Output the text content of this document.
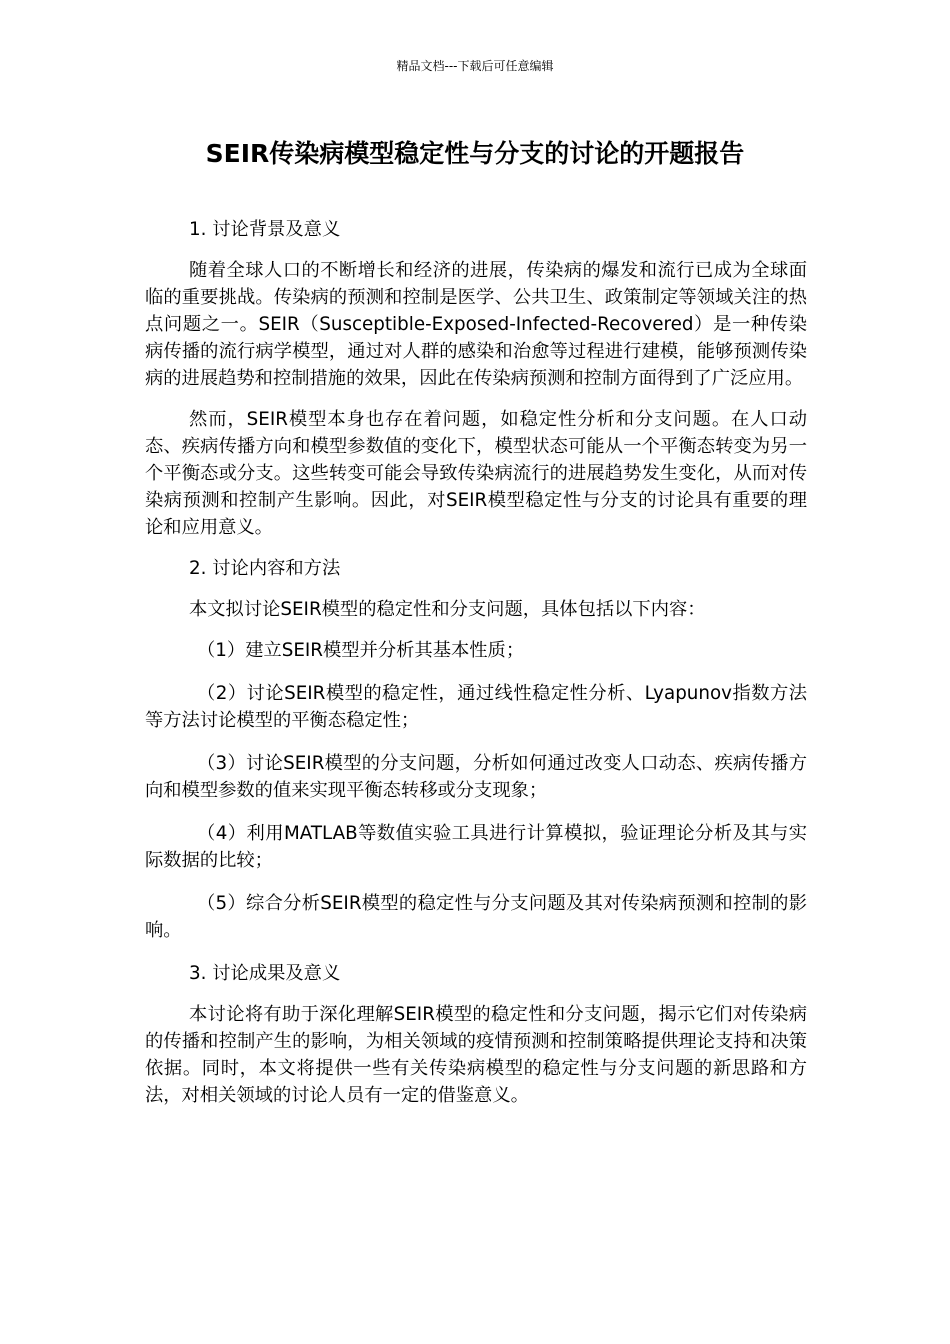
精品文档---下载后可任意编辑
SEIR传染病模型稳定性与分支的讨论的开题报告

1. 讨论背景及意义

随着全球人口的不断增长和经济的进展，传染病的爆发和流行已成为全球面临的重要挑战。传染病的预测和控制是医学、公共卫生、政策制定等领域关注的热点问题之一。SEIR（Susceptible-Exposed-Infected-Recovered）是一种传染病传播的流行病学模型，通过对人群的感染和治愈等过程进行建模，能够预测传染病的进展趋势和控制措施的效果，因此在传染病预测和控制方面得到了广泛应用。

然而，SEIR模型本身也存在着问题，如稳定性分析和分支问题。在人口动态、疾病传播方向和模型参数值的变化下，模型状态可能从一个平衡态转变为另一个平衡态或分支。这些转变可能会导致传染病流行的进展趋势发生变化，从而对传染病预测和控制产生影响。因此，对SEIR模型稳定性与分支的讨论具有重要的理论和应用意义。

2. 讨论内容和方法

本文拟讨论SEIR模型的稳定性和分支问题，具体包括以下内容：

（1）建立SEIR模型并分析其基本性质；

（2）讨论SEIR模型的稳定性，通过线性稳定性分析、Lyapunov指数方法等方法讨论模型的平衡态稳定性；

（3）讨论SEIR模型的分支问题，分析如何通过改变人口动态、疾病传播方向和模型参数的值来实现平衡态转移或分支现象；

（4）利用MATLAB等数值实验工具进行计算模拟，验证理论分析及其与实际数据的比较；

（5）综合分析SEIR模型的稳定性与分支问题及其对传染病预测和控制的影响。

3. 讨论成果及意义

本讨论将有助于深化理解SEIR模型的稳定性和分支问题，揭示它们对传染病的传播和控制产生的影响，为相关领域的疫情预测和控制策略提供理论支持和决策依据。同时，本文将提供一些有关传染病模型的稳定性与分支问题的新思路和方法，对相关领域的讨论人员有一定的借鉴意义。
